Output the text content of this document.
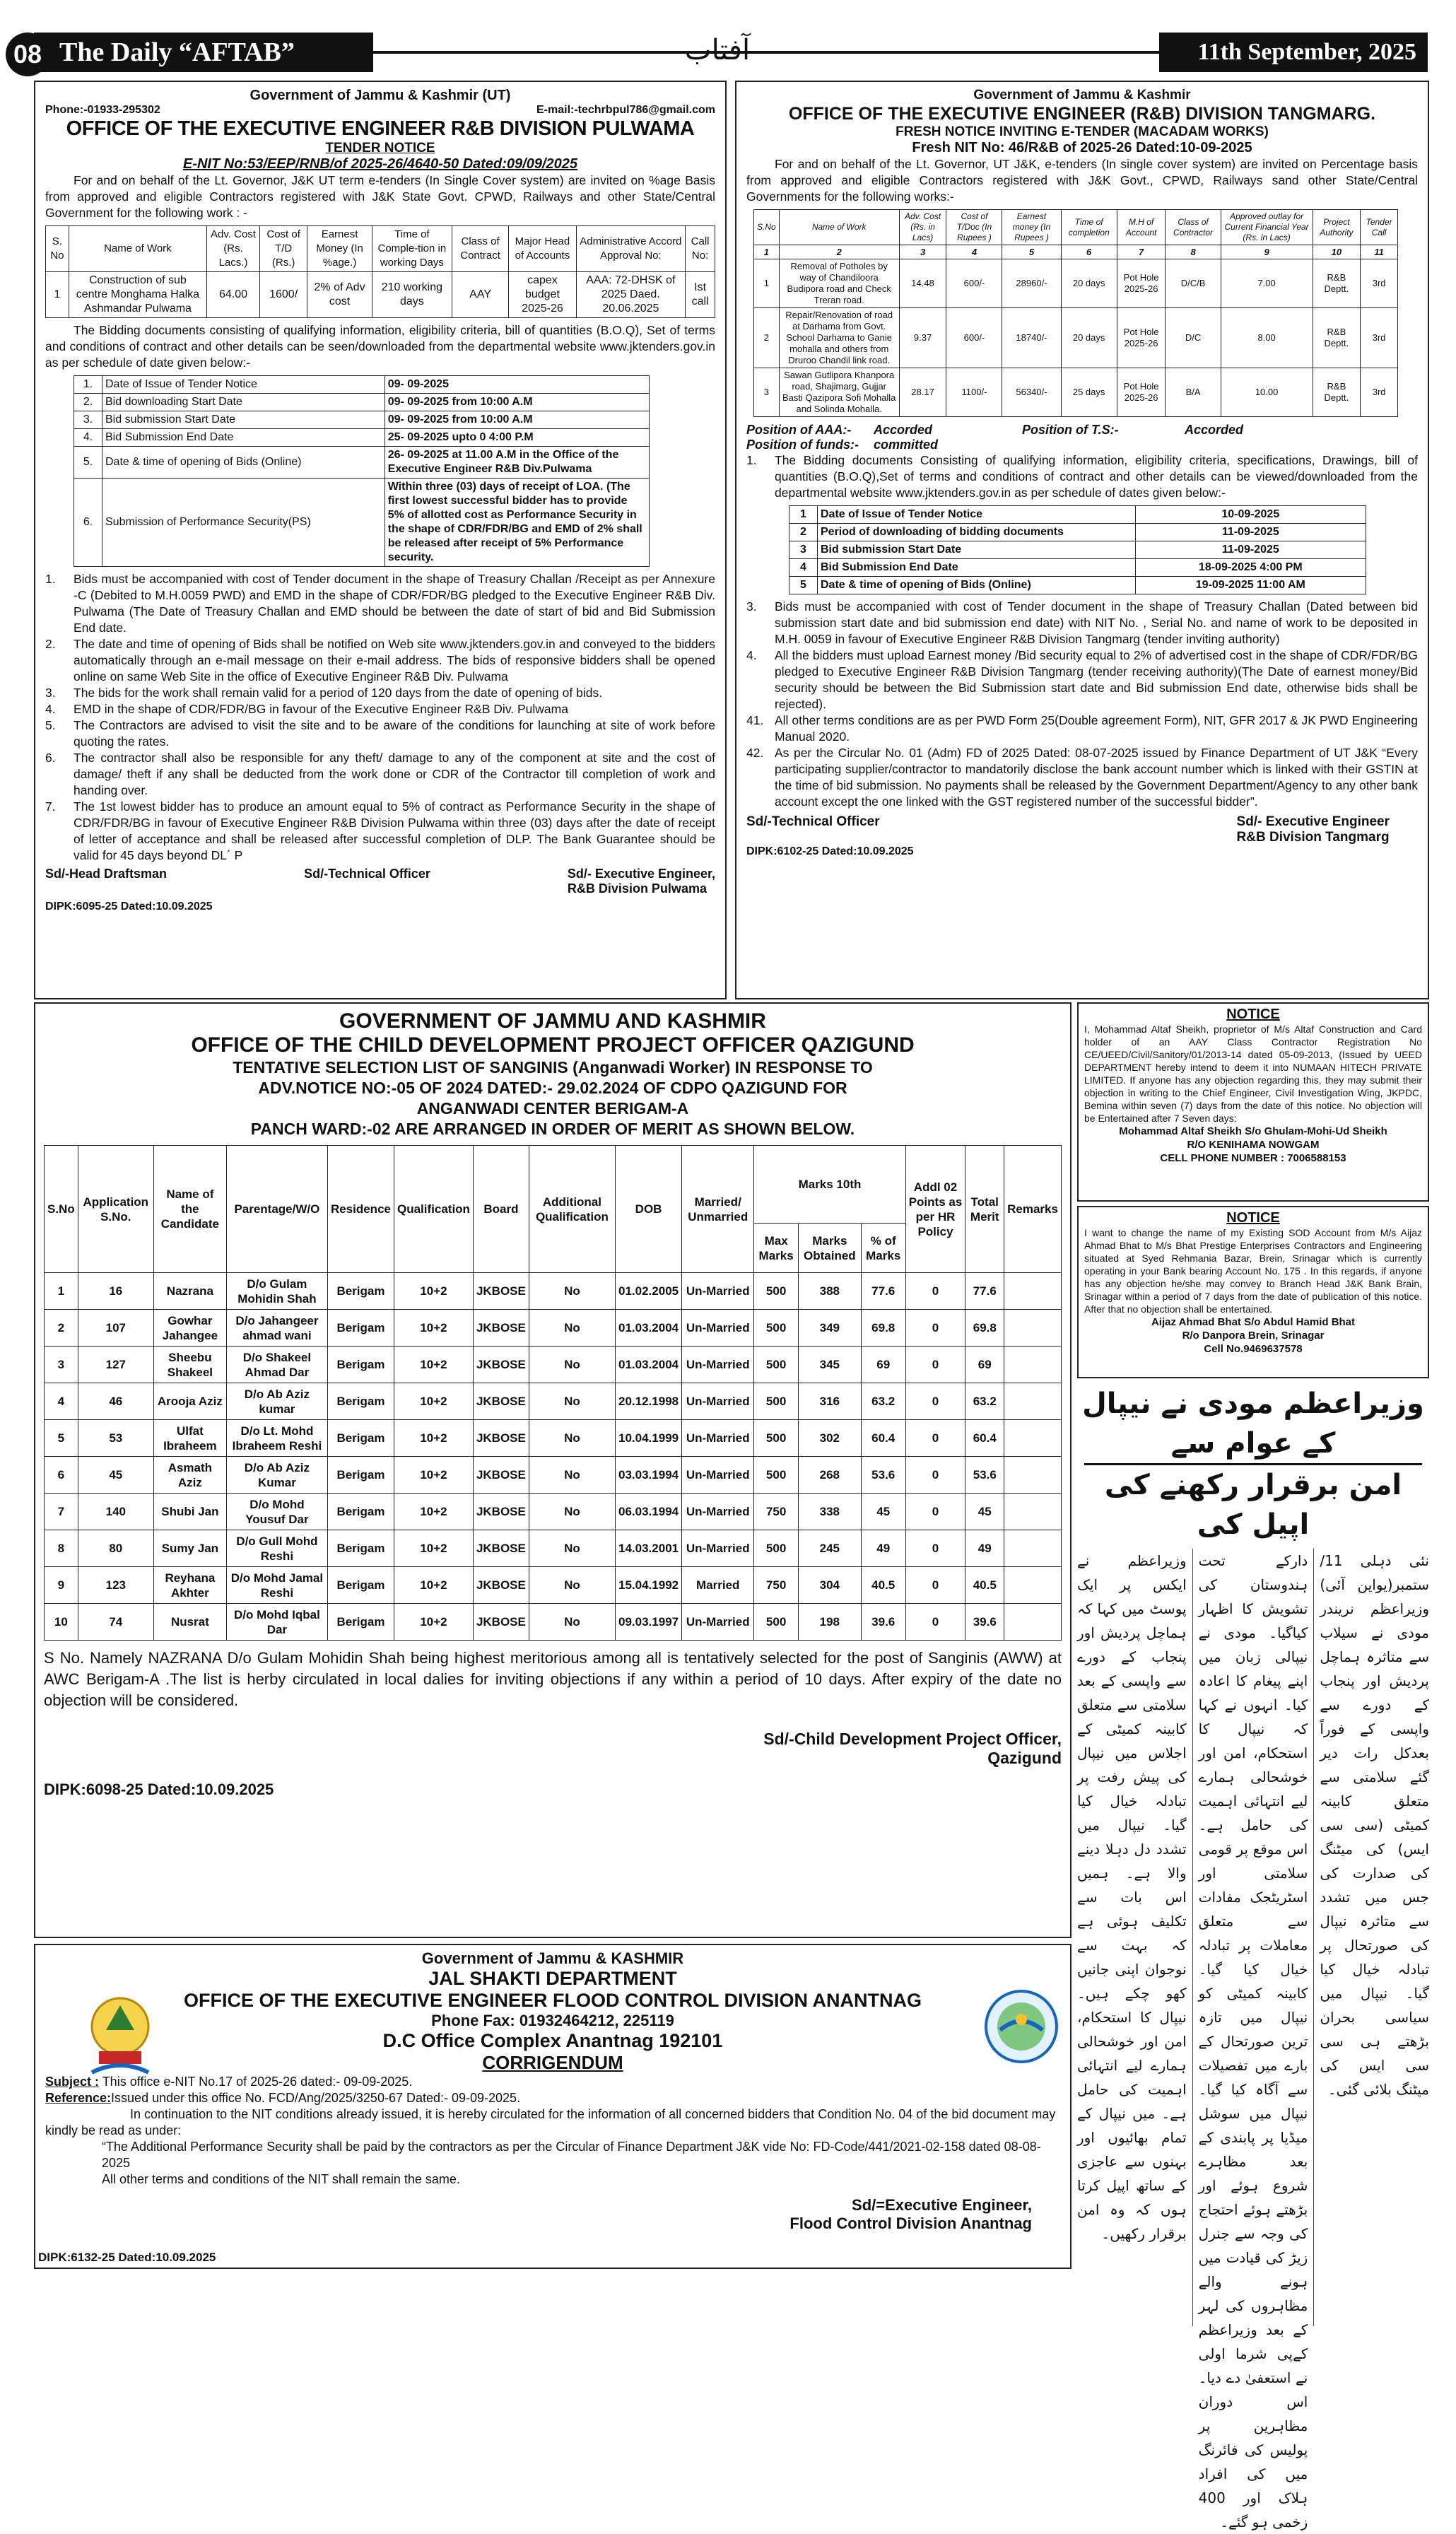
The Daily “AFTAB”
08	آفتاب	11th September, 2025
Government of Jammu & Kashmir (UT)
Phone:-01933-295302	E-mail:-techrbpul786@gmail.com
OFFICE OF THE EXECUTIVE ENGINEER R&B DIVISION PULWAMA
TENDER NOTICE
E-NIT No:53/EEP/RNB/of 2025-26/4640-50 Dated:09/09/2025
For and on behalf of the Lt. Governor, J&K UT term e-tenders (In Single Cover system) are invited on %age Basis from approved and eligible Contractors registered with J&K State Govt. CPWD, Railways and other State/Central Government for the following work : -
S. No	Name of Work	Adv. Cost (Rs. Lacs.)	Cost of T/D (Rs.)	Earnest Money (In %age.)	Time of Comple-tion in working Days	Class of Contract	Major Head of Accounts	Administrative Accord Approval No:	Call No:
1	Construction of sub centre Monghama Halka Ashmandar Pulwama	64.00	1600/	2% of Adv cost	210 working days	AAY	capex budget 2025-26	AAA: 72-DHSK of 2025 Daed. 20.06.2025	Ist call
The Bidding documents consisting of qualifying information, eligibility criteria, bill of quantities (B.O.Q), Set of terms and conditions of contract and other details can be seen/downloaded from the departmental website www.jktenders.gov.in as per schedule of date given below:-
1.	Date of Issue of Tender Notice	09- 09-2025
2.	Bid downloading Start Date	09- 09-2025 from 10:00 A.M
3.	Bid submission Start Date	09- 09-2025 from 10:00 A.M
4.	Bid Submission End Date	25- 09-2025 upto 0 4:00 P.M
5.	Date & time of opening of Bids (Online)	26- 09-2025 at 11.00 A.M in the Office of the Executive Engineer R&B Div.Pulwama
6.	Submission of Performance Security(PS)	Within three (03) days of receipt of LOA. (The first lowest successful bidder has to provide 5% of allotted cost as Performance Security in the shape of CDR/FDR/BG and EMD of 2% shall be released after receipt of 5% Performance security.
1.	Bids must be accompanied with cost of Tender document in the shape of Treasury Challan /Receipt as per Annexure -C (Debited to M.H.0059 PWD) and EMD in the shape of CDR/FDR/BG pledged to the Executive Engineer R&B Div. Pulwama (The Date of Treasury Challan and EMD should be between the date of start of bid and Bid Submission End date.
2.	The date and time of opening of Bids shall be notified on Web site www.jktenders.gov.in and conveyed to the bidders automatically through an e-mail message on their e-mail address. The bids of responsive bidders shall be opened online on same Web Site in the office of Executive Engineer R&B Div. Pulwama
3.	The bids for the work shall remain valid for a period of 120 days from the date of opening of bids.
4.	EMD in the shape of CDR/FDR/BG in favour of the Executive Engineer R&B Div. Pulwama
5.	The Contractors are advised to visit the site and to be aware of the conditions for launching at site of work before quoting the rates.
6.	The contractor shall also be responsible for any theft/ damage to any of the component at site and the cost of damage/ theft if any shall be deducted from the work done or CDR of the Contractor till completion of work and handing over.
7.	The 1st lowest bidder has to produce an amount equal to 5% of contract as Performance Security in the shape of CDR/FDR/BG in favour of Executive Engineer R&B Division Pulwama within three (03) days after the date of receipt of letter of acceptance and shall be released after successful completion of DLP. The Bank Guarantee should be valid for 45 days beyond DL´ P
Sd/-Head Draftsman	Sd/-Technical Officer	Sd/- Executive Engineer,
R&B Division Pulwama
DIPK:6095-25 Dated:10.09.2025
Government of Jammu & Kashmir
OFFICE OF THE EXECUTIVE ENGINEER (R&B) DIVISION TANGMARG.
FRESH NOTICE INVITING E-TENDER (MACADAM WORKS)
Fresh NIT No: 46/R&B of 2025-26 Dated:10-09-2025
For and on behalf of the Lt. Governor, UT J&K, e-tenders (In single cover system) are invited on Percentage basis from approved and eligible Contractors registered with J&K Govt., CPWD, Railways sand other State/Central Governments for the following works:-
S.No	Name of Work	Adv. Cost (Rs. in Lacs)	Cost of T/Doc (In Rupees )	Earnest money (In Rupees )	Time of completion	M.H of Account	Class of Contractor	Approved outlay for Current Financial Year (Rs. in Lacs)	Project Authority	Tender Call
1	2	3	4	5	6	7	8	9	10	11
1	Removal of Potholes by way of Chandiloora Budipora road and Check Treran road.	14.48	600/-	28960/-	20 days	Pot Hole 2025-26	D/C/B	7.00	R&B Deptt.	3rd
2	Repair/Renovation of road at Darhama from Govt. School Darhama to Ganie mohalla and others from Druroo Chandil link road.	9.37	600/-	18740/-	20 days	Pot Hole 2025-26	D/C	8.00	R&B Deptt.	3rd
3	Sawan Gutlipora Khanpora road, Shajimarg, Gujjar Basti Qazipora Sofi Mohalla and Solinda Mohalla.	28.17	1100/-	56340/-	25 days	Pot Hole 2025-26	B/A	10.00	R&B Deptt.	3rd
Position of AAA:-	Accorded	Position of T.S:-	Accorded
Position of funds:-	committed
1.	The Bidding documents Consisting of qualifying information, eligibility criteria, specifications, Drawings, bill of quantities (B.O.Q),Set of terms and conditions of contract and other details can be viewed/downloaded from the departmental website www.jktenders.gov.in as per schedule of dates given below:-
1	Date of Issue of Tender Notice	10-09-2025
2	Period of downloading of bidding documents	11-09-2025
3	Bid submission Start Date	11-09-2025
4	Bid Submission End Date	18-09-2025 4:00 PM
5	Date & time of opening of Bids (Online)	19-09-2025 11:00 AM
3.	Bids must be accompanied with cost of Tender document in the shape of Treasury Challan (Dated between bid submission start date and bid submission end date) with NIT No. , Serial No. and name of work to be deposited in M.H. 0059 in favour of Executive Engineer R&B Division Tangmarg (tender inviting authority)
4.	All the bidders must upload Earnest money /Bid security equal to 2% of advertised cost in the shape of CDR/FDR/BG pledged to Executive Engineer R&B Division Tangmarg (tender receiving authority)(The Date of earnest money/Bid security should be between the Bid Submission start date and Bid submission End date, otherwise bids shall be rejected).
41. All other terms conditions are as per PWD Form 25(Double agreement Form), NIT, GFR 2017 & JK PWD Engineering Manual 2020.
42. As per the Circular No. 01 (Adm) FD of 2025 Dated: 08-07-2025 issued by Finance Department of UT J&K “Every participating supplier/contractor to mandatorily disclose the bank account number which is linked with their GSTIN at the time of bid submission. No payments shall be released by the Government Department/Agency to any other bank account except the one linked with the GST registered number of the successful bidder”.
Sd/-Technical Officer	Sd/- Executive Engineer
R&B Division Tangmarg
DIPK:6102-25 Dated:10.09.2025
GOVERNMENT OF JAMMU AND KASHMIR
OFFICE OF THE CHILD DEVELOPMENT PROJECT OFFICER QAZIGUND
TENTATIVE SELECTION LIST OF SANGINIS (Anganwadi Worker) IN RESPONSE TO
ADV.NOTICE NO:-05 OF 2024 DATED:- 29.02.2024 OF CDPO QAZIGUND FOR
ANGANWADI CENTER BERIGAM-A
PANCH WARD:-02 ARE ARRANGED IN ORDER OF MERIT AS SHOWN BELOW.
S.No	Application S.No.	Name of the Candidate	Parentage/W/O	Residence	Qualification	Board	Additional Qualification	DOB	Married/ Unmarried	Marks 10th			Addl 02 Points as per HR Policy	Total Merit	Remarks
										Max Marks	Marks Obtained	% of Marks			
1	16	Nazrana	D/o Gulam Mohidin Shah	Berigam	10+2	JKBOSE	No	01.02.2005	Un-Married	500	388	77.6	0	77.6	
2	107	Gowhar Jahangee	D/o Jahangeer ahmad wani	Berigam	10+2	JKBOSE	No	01.03.2004	Un-Married	500	349	69.8	0	69.8	
3	127	Sheebu Shakeel	D/o Shakeel Ahmad Dar	Berigam	10+2	JKBOSE	No	01.03.2004	Un-Married	500	345	69	0	69	
4	46	Arooja Aziz	D/o Ab Aziz kumar	Berigam	10+2	JKBOSE	No	20.12.1998	Un-Married	500	316	63.2	0	63.2	
5	53	Ulfat Ibraheem	D/o Lt. Mohd Ibraheem Reshi	Berigam	10+2	JKBOSE	No	10.04.1999	Un-Married	500	302	60.4	0	60.4	
6	45	Asmath Aziz	D/o Ab Aziz Kumar	Berigam	10+2	JKBOSE	No	03.03.1994	Un-Married	500	268	53.6	0	53.6	
7	140	Shubi Jan	D/o Mohd Yousuf Dar	Berigam	10+2	JKBOSE	No	06.03.1994	Un-Married	750	338	45	0	45	
8	80	Sumy Jan	D/o Gull Mohd Reshi	Berigam	10+2	JKBOSE	No	14.03.2001	Un-Married	500	245	49	0	49	
9	123	Reyhana Akhter	D/o Mohd Jamal Reshi	Berigam	10+2	JKBOSE	No	15.04.1992	Married	750	304	40.5	0	40.5	
10	74	Nusrat	D/o Mohd Iqbal Dar	Berigam	10+2	JKBOSE	No	09.03.1997	Un-Married	500	198	39.6	0	39.6	
S No. Namely NAZRANA D/o Gulam Mohidin Shah being highest meritorious among all is tentatively selected for the post of Sanginis (AWW) at AWC Berigam-A .The list is herby circulated in local dalies for inviting objections if any within a period of 10 days. After expiry of the date no objection will be considered.
Sd/-Child Development Project Officer,
Qazigund
DIPK:6098-25 Dated:10.09.2025
NOTICE
I, Mohammad Altaf Sheikh, proprietor of M/s Altaf Construction and Card holder of an AAY Class Contractor Registration No CE/UEED/Civil/Sanitory/01/2013-14 dated 05-09-2013, (Issued by UEED DEPARTMENT hereby intend to deem it into NUMAAN HITECH PRIVATE LIMITED. If anyone has any objection regarding this, they may submit their objection in writing to the Chief Engineer, Civil Investigation Wing, JKPDC, Bemina within seven (7) days from the date of this notice. No objection will be Entertained after 7 Seven days:
Mohammad Altaf Sheikh S/o Ghulam-Mohi-Ud Sheikh
R/O KENIHAMA NOWGAM
CELL PHONE NUMBER : 7006588153
NOTICE
I want to change the name of my Existing SOD Account from M/s Aijaz Ahmad Bhat to M/s Bhat Prestige Enterprises Contractors and Engineering situated at Syed Rehmania Bazar, Brein, Srinagar which is currently operating in your Bank bearing Account No. 175 . In this regards, if anyone has any objection he/she may convey to Branch Head J&K Bank Brain, Srinagar within a period of 7 days from the date of publication of this notice. After that no objection shall be entertained.
Aijaz Ahmad Bhat S/o Abdul Hamid Bhat
R/o Danpora Brein, Srinagar
Cell No.9469637578
وزیراعظم مودی نے نیپال کے عوام سے
امن برقرار رکھنے کی اپیل کی
نئی دہلی 11/ستمبر(یواین آئی) وزیراعظم نریندر مودی نے سیلاب سے متاثرہ ہماچل پردیش اور پنجاب کے دورے سے واپسی کے فوراً بعدکل رات دیر گئے سلامتی سے متعلق کابینہ کمیٹی (سی سی ایس) کی میٹنگ کی صدارت کی جس میں تشدد سے متاثرہ نیپال کی صورتحال پر تبادلہ خیال کیا گیا۔ نیپال میں سیاسی بحران بڑھتے ہی سی سی ایس کی میٹنگ بلائی گئی۔
دارکے تحت ہندوستان کی تشویش کا اظہار کیاگیا۔ مودی نے نیپالی زبان میں اپنے پیغام کا اعادہ کیا۔ انہوں نے کہا کہ نیپال کا استحکام، امن اور خوشحالی ہمارے لیے انتہائی اہمیت کی حامل ہے۔ اس موقع پر قومی سلامتی اور اسٹریٹجک مفادات سے متعلق معاملات پر تبادلہ خیال کیا گیا۔ کابینہ کمیٹی کو نیپال میں تازہ ترین صورتحال کے بارے میں تفصیلات سے آگاہ کیا گیا۔ نیپال میں سوشل میڈیا پر پابندی کے بعد مظاہرے شروع ہوئے اور بڑھتے ہوئے احتجاج کی وجہ سے جنرل زیڑ کی قیادت میں ہونے والے مظاہروں کی لہر کے بعد وزیراعظم کےپی شرما اولی نے استعفیٰ دے دیا۔ اس دوران مظاہرین پر پولیس کی فائرنگ میں کی افراد ہلاک اور 400 زخمی ہو گئے۔
وزیراعظم نے ایکس پر ایک پوسٹ میں کہا کہ ہماچل پردیش اور پنجاب کے دورے سے واپسی کے بعد سلامتی سے متعلق کابینہ کمیٹی کے اجلاس میں نیپال کی پیش رفت پر تبادلہ خیال کیا گیا۔ نیپال میں تشدد دل دہلا دینے والا ہے۔ ہمیں اس بات سے تکلیف ہوئی ہے کہ بہت سے نوجوان اپنی جانیں کھو چکے ہیں۔ نیپال کا استحکام، امن اور خوشحالی ہمارے لیے انتہائی اہمیت کی حامل ہے۔ میں نیپال کے تمام بھائیوں اور بہنوں سے عاجزی کے ساتھ اپیل کرتا ہوں کہ وہ امن برقرار رکھیں۔
Government of Jammu & KASHMIR
JAL SHAKTI DEPARTMENT
OFFICE OF THE EXECUTIVE ENGINEER FLOOD CONTROL DIVISION ANANTNAG
Phone Fax: 01932464212, 225119
D.C Office Complex Anantnag 192101
CORRIGENDUM
Subject : This office e-NIT No.17 of 2025-26 dated:- 09-09-2025.
Reference:Issued under this office No. FCD/Ang/2025/3250-67 Dated:- 09-09-2025.
In continuation to the NIT conditions already issued, it is hereby circulated for the information of all concerned bidders that Condition No. 04 of the bid document may kindly be read as under:
“The Additional Performance Security shall be paid by the contractors as per the Circular of Finance Department J&K vide No: FD-Code/441/2021-02-158 dated 08-08-2025
All other terms and conditions of the NIT shall remain the same.
Sd/=Executive Engineer,
Flood Control Division Anantnag
DIPK:6132-25 Dated:10.09.2025
